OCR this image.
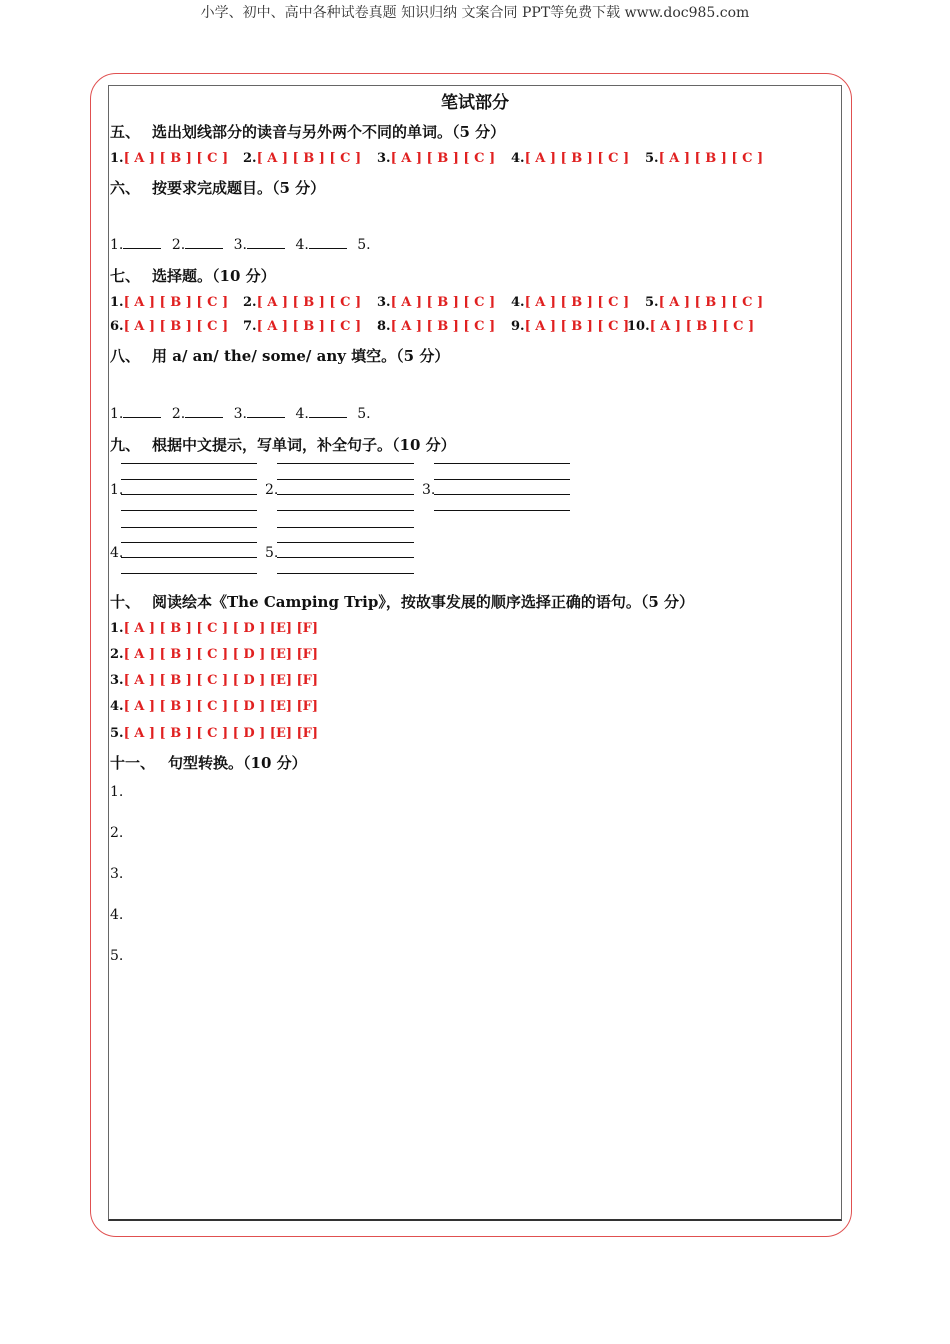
小学、初中、高中各种试卷真题 知识归纳 文案合同 PPT等免费下载 www.doc985.com
笔试部分
五、 选出划线部分的读音与另外两个不同的单词。（5 分）
1.[ A ] [ B ] [ C ] 2.[ A ] [ B ] [ C ] 3.[ A ] [ B ] [ C ] 4.[ A ] [ B ] [ C ] 5.[ A ] [ B ] [ C ]
六、 按要求完成题目。（5 分）
1.	2.	3.	4.	5.
七、 选择题。（10 分）
1.[ A ] [ B ] [ C ] 2.[ A ] [ B ] [ C ] 3.[ A ] [ B ] [ C ] 4.[ A ] [ B ] [ C ] 5.[ A ] [ B ] [ C ]
6.[ A ] [ B ] [ C ] 7.[ A ] [ B ] [ C ] 8.[ A ] [ B ] [ C ] 9.[ A ] [ B ] [ C ]
10.[ A ] [ B ] [ C ]
八、 用 a/ an/ the/ some/ any 填空。（5 分）
1.	2.	3.	4.	5.
九、 根据中文提示，写单词，补全句子。（10 分）
1.	2.	3.
4.	5.
十、 阅读绘本《The Camping Trip》，按故事发展的顺序选择正确的语句。（5 分）
1.[ A ] [ B ] [ C ] [ D ] [E] [F]
2.[ A ] [ B ] [ C ] [ D ] [E] [F]
3.[ A ] [ B ] [ C ] [ D ] [E] [F]
4.[ A ] [ B ] [ C ] [ D ] [E] [F]
5.[ A ] [ B ] [ C ] [ D ] [E] [F]
十一、 句型转换。（10 分）
1.
2.
3.
4.
5.
